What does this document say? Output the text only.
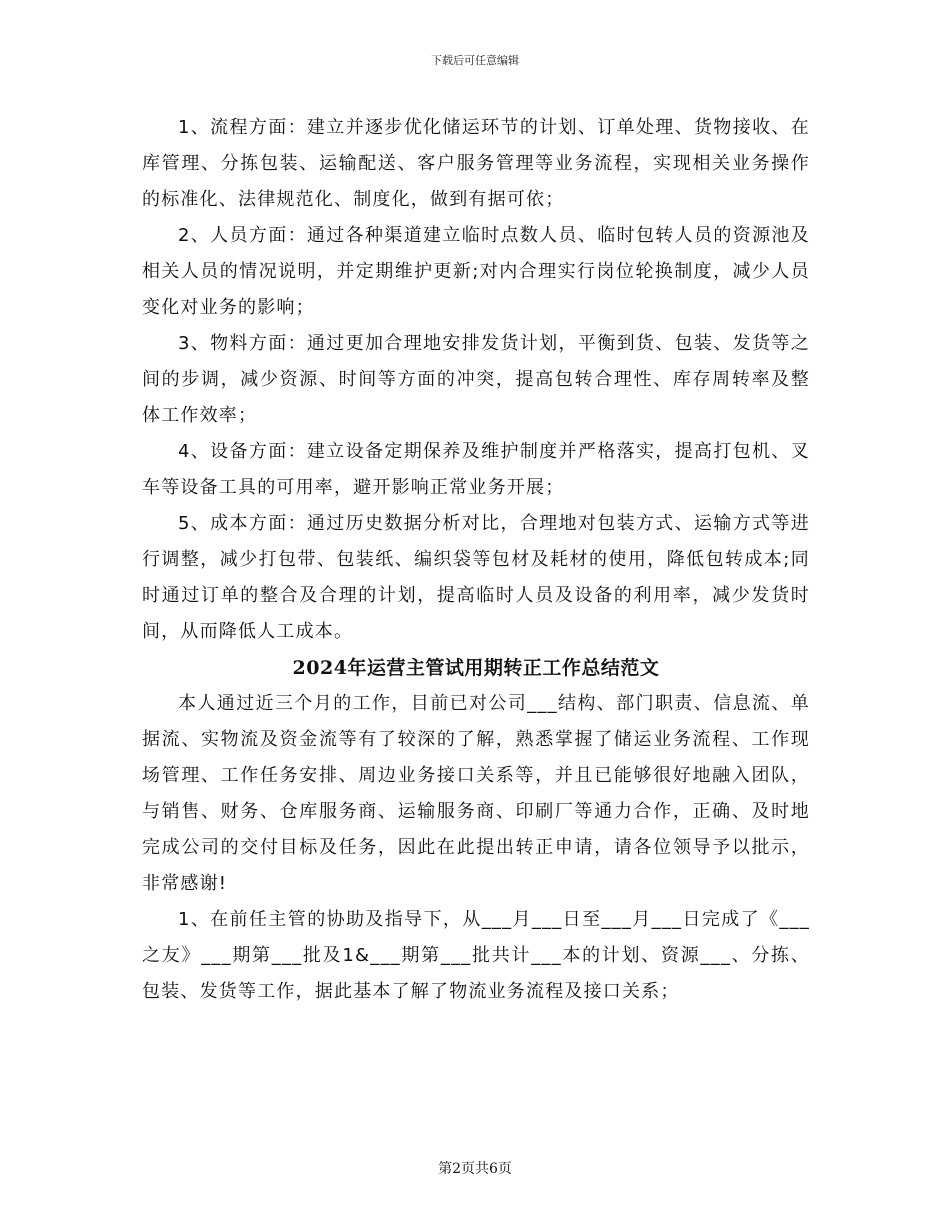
下载后可任意编辑

1、流程方面：建立并逐步优化储运环节的计划、订单处理、货物接收、在库管理、分拣包装、运输配送、客户服务管理等业务流程，实现相关业务操作的标准化、法律规范化、制度化，做到有据可依；

2、人员方面：通过各种渠道建立临时点数人员、临时包转人员的资源池及相关人员的情况说明，并定期维护更新;对内合理实行岗位轮换制度，减少人员变化对业务的影响；

3、物料方面：通过更加合理地安排发货计划，平衡到货、包装、发货等之间的步调，减少资源、时间等方面的冲突，提高包转合理性、库存周转率及整体工作效率；

4、设备方面：建立设备定期保养及维护制度并严格落实，提高打包机、叉车等设备工具的可用率，避开影响正常业务开展；

5、成本方面：通过历史数据分析对比，合理地对包装方式、运输方式等进行调整，减少打包带、包装纸、编织袋等包材及耗材的使用，降低包转成本;同时通过订单的整合及合理的计划，提高临时人员及设备的利用率，减少发货时间，从而降低人工成本。

2024年运营主管试用期转正工作总结范文

本人通过近三个月的工作，目前已对公司___结构、部门职责、信息流、单据流、实物流及资金流等有了较深的了解，熟悉掌握了储运业务流程、工作现场管理、工作任务安排、周边业务接口关系等，并且已能够很好地融入团队，与销售、财务、仓库服务商、运输服务商、印刷厂等通力合作，正确、及时地完成公司的交付目标及任务，因此在此提出转正申请，请各位领导予以批示，非常感谢!

1、在前任主管的协助及指导下，从___月___日至___月___日完成了《___之友》___期第___批及1&___期第___批共计___本的计划、资源___、分拣、包装、发货等工作，据此基本了解了物流业务流程及接口关系；

第2页共6页
